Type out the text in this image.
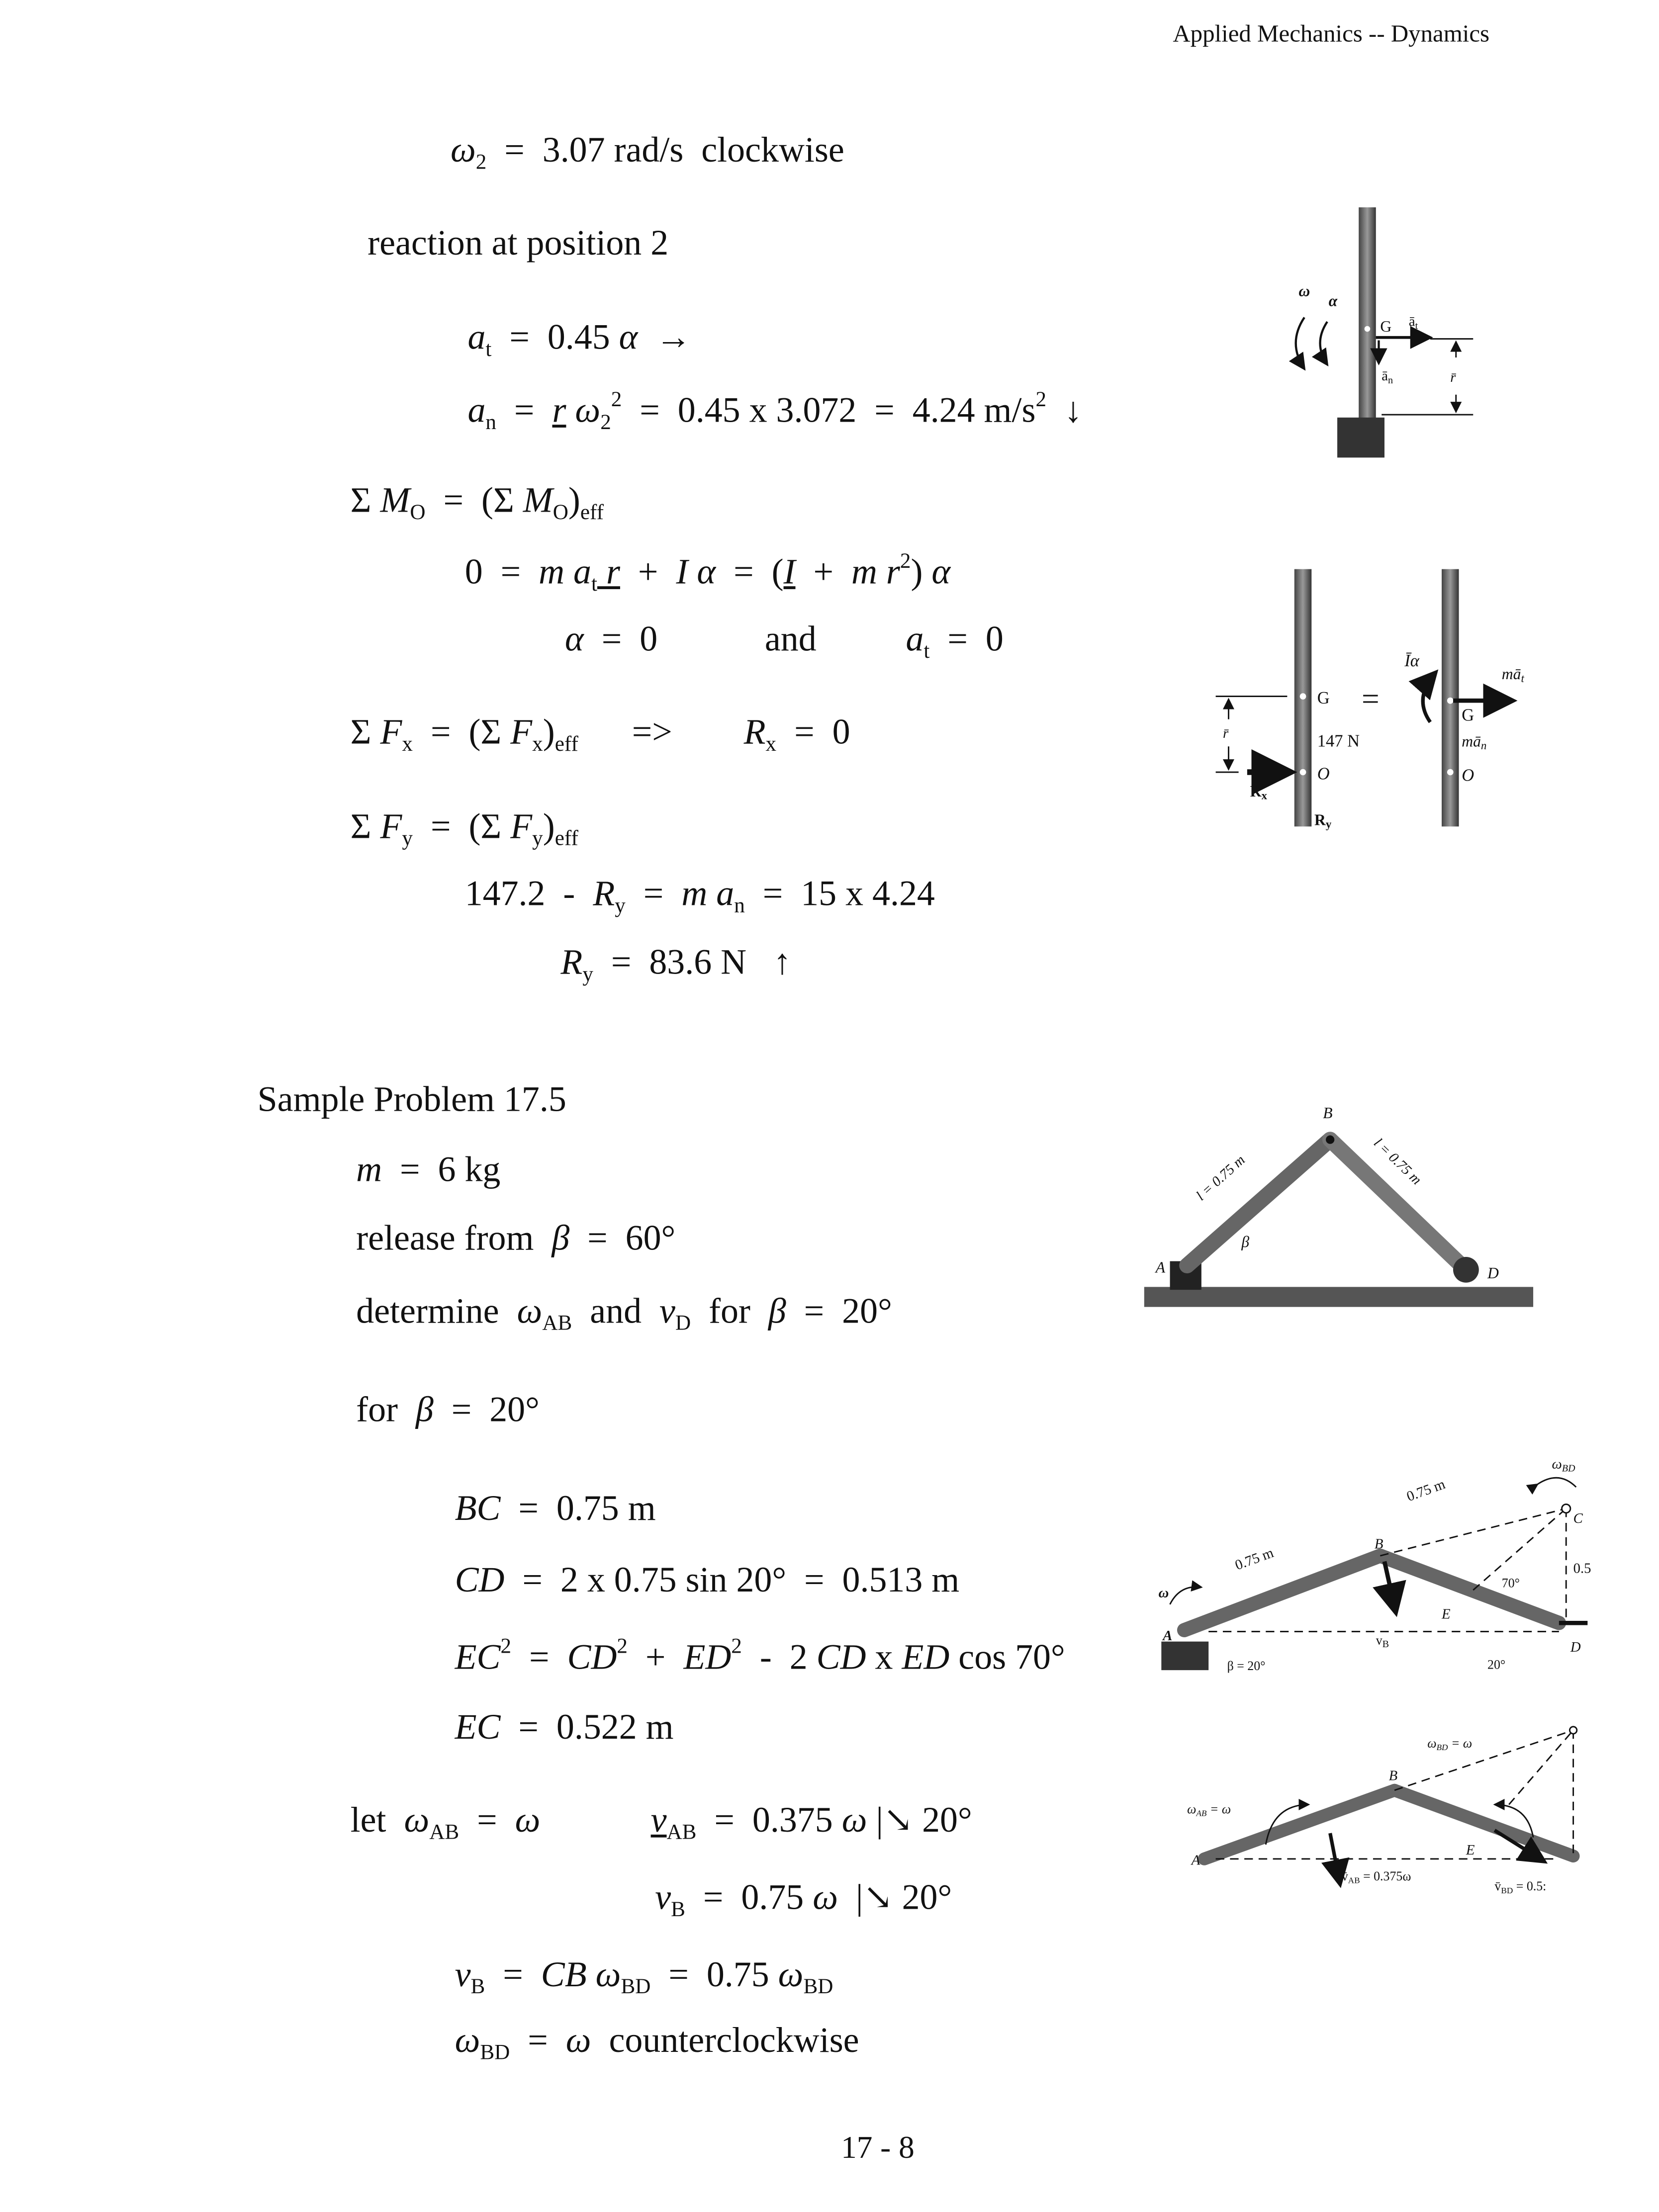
Applied Mechanics -- Dynamics
$\omega_2 = 3.07$ rad/s  clockwise
reaction at position 2
$a_t = 0.45$ α  →
$a_n = r$ $\omega_2^2 = 0.45$ x 3.072  =  4.24 $m/s^2$  ↓
Σ $M_O = (\Sigma$ $M_O)_{eff}$
0  =  m $a_t$ r  +  I α  =  (I  +  m $r^2$) α
α  =  0            and          $a_t = 0$
Σ $F_x = (\Sigma$ $F_x)_{eff}$      =>        $R_x = 0$
Σ $F_y = (\Sigma$ $F_y)_{eff}$
$147.2 - R_y = m$ $a_n = 15$ x 4.24
$R_y = 83.6$ N   ↑
Sample Problem 17.5
m  =  6 kg
release from  β  =  60°
determine  $\omega_{AB}$  and  $v_D$  for  β  =  20°
for  β  =  20°
BC  =  0.75 m
CD  =  2 x 0.75 sin 20°  =  0.513 m
$EC^2 = CD^2 + ED^2 - 2$ CD x ED cos 70°
EC  =  0.522 m
let  $\omega_{AB} = \omega$	$v_{AB} = 0.375$ ω |↘ 20°
$v_B = 0.75$ ω  |↘ 20°
$v_B$  =  CB $\omega_{BD} = 0.75$ $\omega_{BD}$
$\omega_{BD} = \omega$  counterclockwise
17 - 8
ω
α
G	$ā_t$
$ā_n$	r̄
G
147 N
O
Rx
Ry
r̄
=
Īα
māt
G
mān
O
A
B
D
β
l = 0.75 m	l = 0.75 m
ω
A
B
C
D
E
0.75 m
0.75 m
$\omega_{BD}$
0.5
70°
$v_B$
β = 20°	20°
A
B
E
$\omega_{AB} = \omega$
$\omega_{BD} = \omega$
$v̄_{AB} = 0.375\omega$
$v̄_{BD} = 0.5$:
